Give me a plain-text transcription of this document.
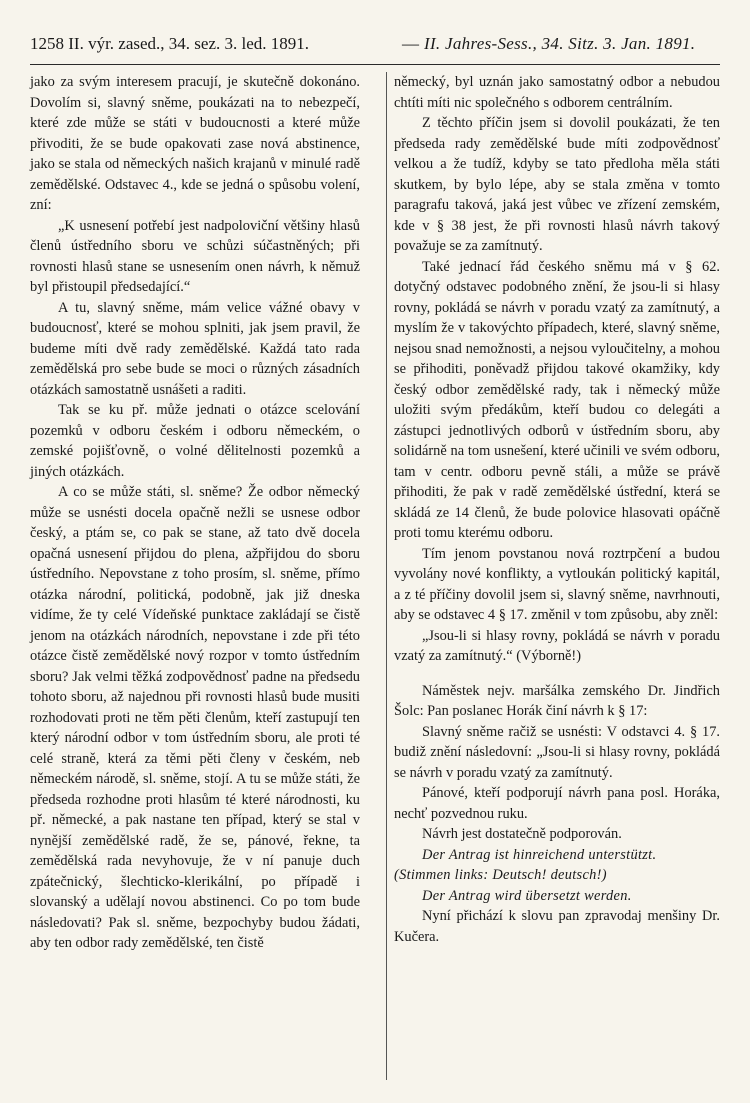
1258 II. výr. zased., 34. sez. 3. led. 1891.	— II. Jahres-Sess., 34. Sitz. 3. Jan. 1891.

jako za svým interesem pracují, je skutečně dokonáno. Dovolím si, slavný sněme, poukázati na to nebezpečí, které zde může se státi v budoucnosti a které může přivoditi, že se bude opakovati zase nová abstinence, jako se stala od německých našich krajanů v minulé radě zemědělské. Odstavec 4., kde se jedná o spůsobu volení, zní:

„K usnesení potřebí jest nadpoloviční většiny hlasů členů ústředního sboru ve schůzi súčastněných; při rovnosti hlasů stane se usnesením onen návrh, k němuž byl přistoupil předsedající.“

A tu, slavný sněme, mám velice vážné obavy v budoucnosť, které se mohou splniti, jak jsem pravil, že budeme míti dvě rady zemědělské. Každá tato rada zemědělská pro sebe bude se moci o různých zásadních otázkách samostatně usnášeti a raditi.

Tak se ku př. může jednati o otázce scelování pozemků v odboru českém i odboru německém, o zemské pojišťovně, o volné dělitelnosti pozemků a jiných otázkách.

A co se může státi, sl. sněme? Že odbor německý může se usnésti docela opačně nežli se usnese odbor český, a ptám se, co pak se stane, až tato dvě docela opačná usnesení přijdou do plena, ažpřijdou do sboru ústředního. Nepovstane z toho prosím, sl. sněme, přímo otázka národní, politická, podobně, jak již dneska vidíme, že ty celé Vídeňské punktace zakládají se čistě jenom na otázkách národních, nepovstane i zde při této otázce čistě zemědělské nový rozpor v tomto ústředním sboru? Jak velmi těžká zodpovědnosť padne na předsedu tohoto sboru, až najednou při rovnosti hlasů bude musiti rozhodovati proti ne těm pěti členům, kteří zastupují ten který národní odbor v tom ústředním sboru, ale proti té celé straně, která za těmi pěti členy v českém, neb německém národě, sl. sněme, stojí. A tu se může státi, že předseda rozhodne proti hlasům té které národnosti, ku př. německé, a pak nastane ten případ, který se stal v nynější zemědělské radě, že se, pánové, řekne, ta zemědělská rada nevyhovuje, že v ní panuje duch zpátečnický, šlechticko-klerikální, po případě i slovanský a udělají novou abstinenci. Co po tom bude následovati? Pak sl. sněme, bezpochyby budou žádati, aby ten odbor rady zemědělské, ten čistě

německý, byl uznán jako samostatný odbor a nebudou chtíti míti nic společného s odborem centrálním.

Z těchto příčin jsem si dovolil poukázati, že ten předseda rady zemědělské bude míti zodpovědnosť velkou a že tudíž, kdyby se tato předloha měla státi skutkem, by bylo lépe, aby se stala změna v tomto paragrafu taková, jaká jest vůbec ve zřízení zemském, kde v § 38 jest, že při rovnosti hlasů návrh takový považuje se za zamítnutý.

Také jednací řád českého sněmu má v § 62. dotyčný odstavec podobného znění, že jsou-li si hlasy rovny, pokládá se návrh v poradu vzatý za zamítnutý, a myslím že v takovýchto případech, které, slavný sněme, nejsou snad nemožnosti, a nejsou vyloučitelny, a mohou se přihoditi, poněvadž přijdou takové okamžiky, kdy český odbor zemědělské rady, tak i německý může uložiti svým předákům, kteří budou co delegáti a zástupci jednotlivých odborů v ústředním sboru, aby solidárně na tom usnešení, které učinili ve svém odboru, tam v centr. odboru pevně stáli, a může se právě přihoditi, že pak v radě zemědělské ústřední, která se skládá ze 14 členů, že bude polovice hlasovati opáčně proti tomu kterému odboru.

Tím jenom povstanou nová roztrpčení a budou vyvolány nové konflikty, a vytloukán politický kapitál, a z té příčiny dovolil jsem si, slavný sněme, navrhnouti, aby se odstavec 4 § 17. změnil v tom způsobu, aby zněl:

„Jsou-li si hlasy rovny, pokládá se návrh v poradu vzatý za zamítnutý.“ (Výborně!)

Náměstek nejv. maršálka zemského Dr. Jindřich Šolc: Pan poslanec Horák činí návrh k § 17:

Slavný sněme račiž se usnésti: V odstavci 4. § 17. budiž znění následovní: „Jsou-li si hlasy rovny, pokládá se návrh v poradu vzatý za zamítnutý.

Pánové, kteří podporují návrh pana posl. Horáka, nechť pozvednou ruku.

Návrh jest dostatečně podporován.

Der Antrag ist hinreichend unterstützt.

(Stimmen links: Deutsch! deutsch!)

Der Antrag wird übersetzt werden.

Nyní přichází k slovu pan zpravodaj menšiny Dr. Kučera.
